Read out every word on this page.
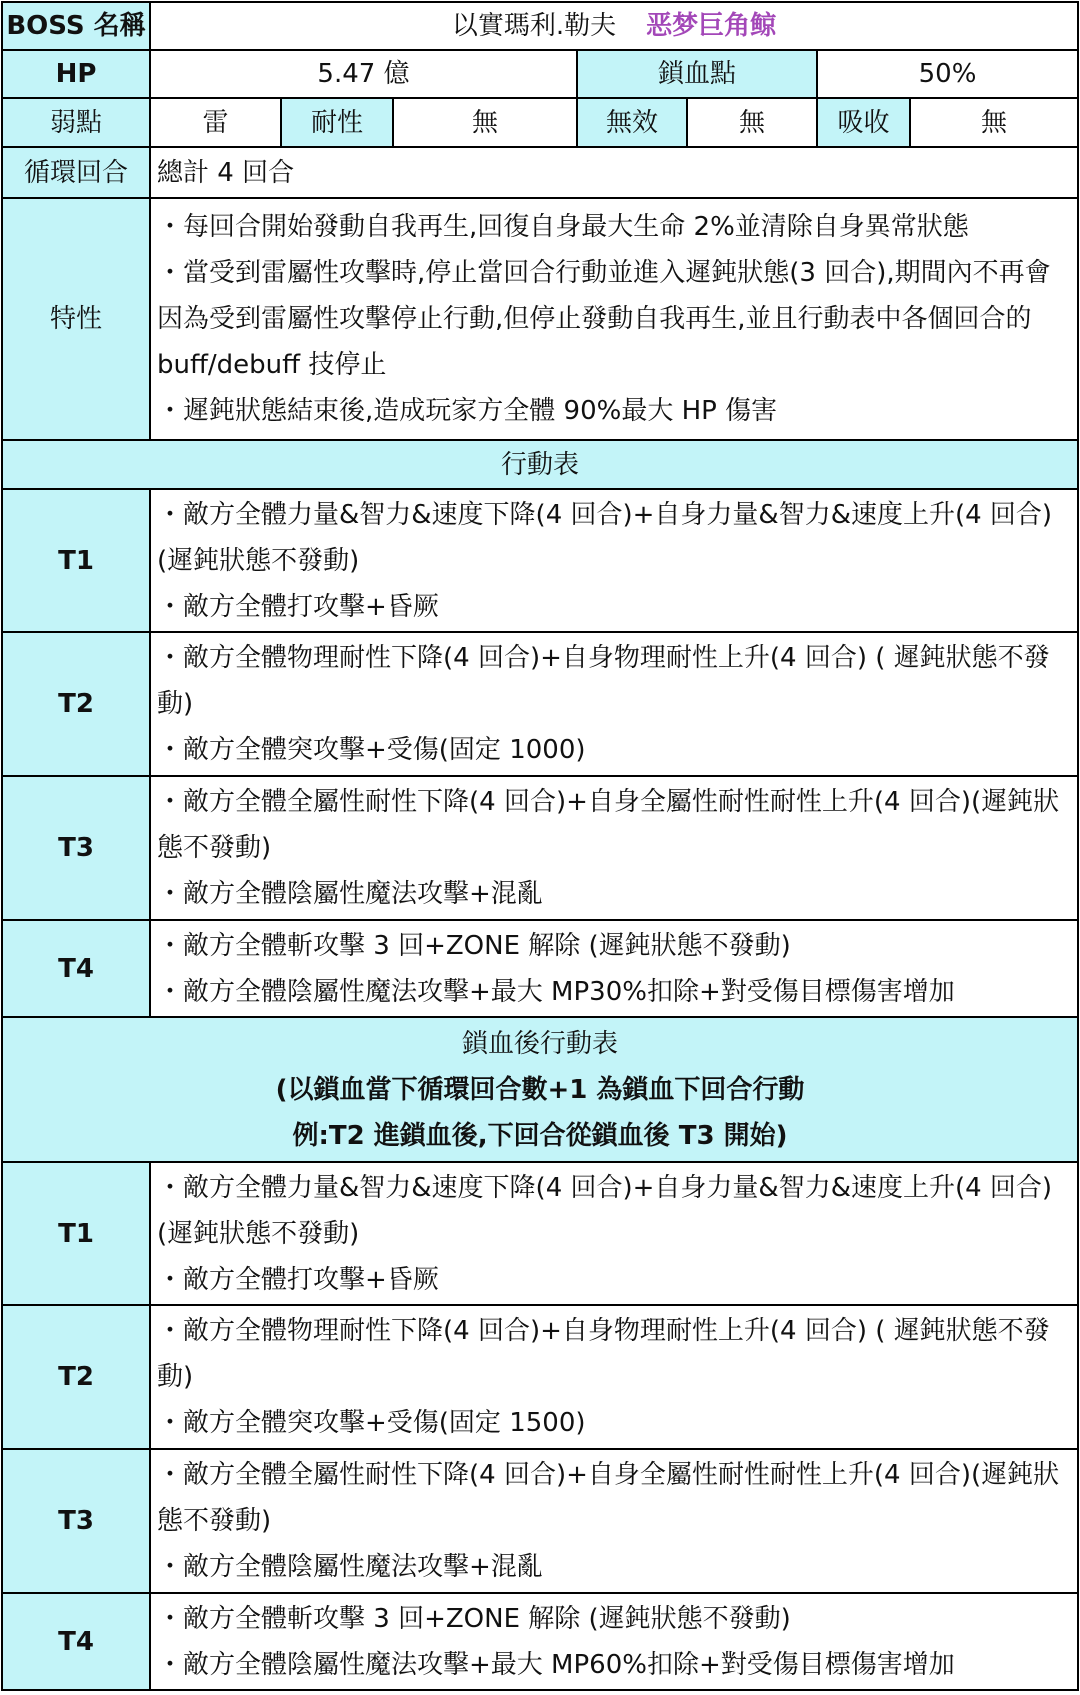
BOSS 名稱	以實瑪利.勒夫 恶梦巨角鲸						
HP	5.47 億			鎖血點		50%	
弱點	雷	耐性	無	無效	無	吸收	無
循環回合	總計 4 回合						
特性	・每回合開始發動自我再生,回復自身最大生命 2%並清除自身異常狀態
・當受到雷屬性攻擊時,停止當回合行動並進入遲鈍狀態(3 回合),期間內不再會因為受到雷屬性攻擊停止行動,但停止發動自我再生,並且行動表中各個回合的 buff/debuff 技停止
・遲鈍狀態結束後,造成玩家方全體 90%最大 HP 傷害						

行動表							
T1	・敵方全體力量&智力&速度下降(4 回合)+自身力量&智力&速度上升(4 回合)(遲鈍狀態不發動)
・敵方全體打攻擊+昏厥						

T2	・敵方全體物理耐性下降(4 回合)+自身物理耐性上升(4 回合) ( 遲鈍狀態不發動)
・敵方全體突攻擊+受傷(固定 1000)						

T3	・敵方全體全屬性耐性下降(4 回合)+自身全屬性耐性耐性上升(4 回合)(遲鈍狀態不發動)
・敵方全體陰屬性魔法攻擊+混亂						

T4	・敵方全體斬攻擊 3 回+ZONE 解除 (遲鈍狀態不發動)
・敵方全體陰屬性魔法攻擊+最大 MP30%扣除+對受傷目標傷害增加						

鎖血後行動表
(以鎖血當下循環回合數+1 為鎖血下回合行動
例:T2 進鎖血後,下回合從鎖血後 T3 開始)							

T1	・敵方全體力量&智力&速度下降(4 回合)+自身力量&智力&速度上升(4 回合)(遲鈍狀態不發動)
・敵方全體打攻擊+昏厥						

T2	・敵方全體物理耐性下降(4 回合)+自身物理耐性上升(4 回合) ( 遲鈍狀態不發動)
・敵方全體突攻擊+受傷(固定 1500)						

T3	・敵方全體全屬性耐性下降(4 回合)+自身全屬性耐性耐性上升(4 回合)(遲鈍狀態不發動)
・敵方全體陰屬性魔法攻擊+混亂						

T4	・敵方全體斬攻擊 3 回+ZONE 解除 (遲鈍狀態不發動)
・敵方全體陰屬性魔法攻擊+最大 MP60%扣除+對受傷目標傷害增加						
